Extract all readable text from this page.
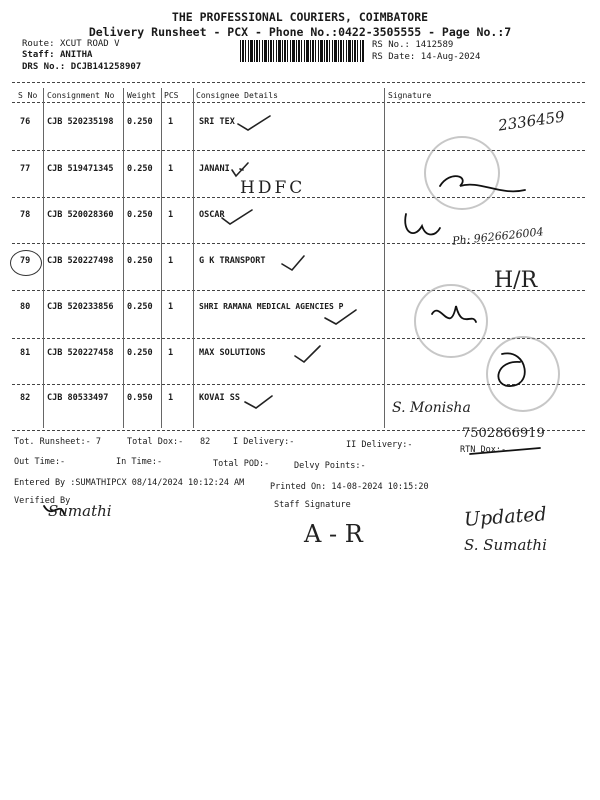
THE PROFESSIONAL COURIERS, COIMBATORE
Delivery Runsheet - PCX - Phone No.:0422-3505555 - Page No.:7
Route: XCUT ROAD V
Staff: ANITHA
DRS No.: DCJB141258907
RS No.: 1412589
RS Date: 14-Aug-2024
S No Consignment No Weight PCS Consignee Details	Signature
76 CJB 520235198 0.250 1	SRI TEX
77 CJB 519471345 0.250 1	JANANI
78 CJB 520028360 0.250 1	OSCAR
79 CJB 520227498 0.250 1	G K TRANSPORT
80 CJB 520233856 0.250 1	SHRI RAMANA MEDICAL AGENCIES P
81 CJB 520227458 0.250 1	MAX SOLUTIONS
82 CJB 80533497 0.950 1	KOVAI SS
2336459
HDFC
Ph: 9626626004
H/R
S. Monisha
7502866919
Tot. Runsheet:- 7	Total Dox:- 82	I Delivery:-	II Delivery:-	RTN Dox:-
Out Time:-	In Time:-	Total POD:-	Delvy Points:-
Entered By :SUMATHIPCX 08/14/2024 10:12:24 AM	Printed On: 14-08-2024 10:15:20
Verified By
Sumathi	Staff Signature
A - R
Updated
S. Sumathi
